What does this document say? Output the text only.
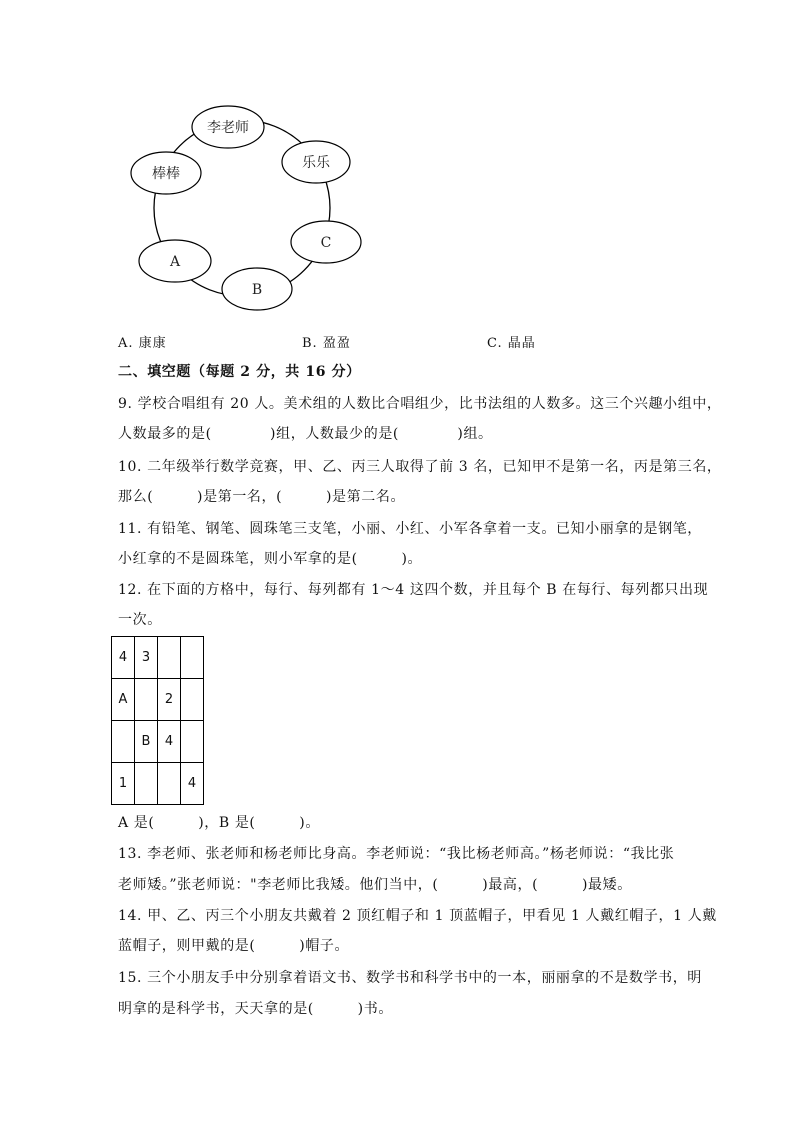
李老师
乐乐
C
B
A
棒棒
A. 康康	B. 盈盈	C. 晶晶
二、填空题（每题 2 分，共 16 分）
9. 学校合唱组有 20 人。美术组的人数比合唱组少，比书法组的人数多。这三个兴趣小组中，
人数最多的是(　　　　)组，人数最少的是(　　　　)组。
10. 二年级举行数学竞赛，甲、乙、丙三人取得了前 3 名，已知甲不是第一名，丙是第三名，
那么(　　　)是第一名，(　　　)是第二名。
11. 有铅笔、钢笔、圆珠笔三支笔，小丽、小红、小军各拿着一支。已知小丽拿的是钢笔，
小红拿的不是圆珠笔，则小军拿的是(　　　)。
12. 在下面的方格中，每行、每列都有 1～4 这四个数，并且每个 B 在每行、每列都只出现
一次。
4	3		
A		2	
	B	4	
1			4
A 是(　　　)，B 是(　　　)。
13. 李老师、张老师和杨老师比身高。李老师说：“我比杨老师高。”杨老师说：“我比张
老师矮。”张老师说："李老师比我矮。他们当中，(　　　)最高，(　　　)最矮。
14. 甲、乙、丙三个小朋友共戴着 2 顶红帽子和 1 顶蓝帽子，甲看见 1 人戴红帽子，1 人戴
蓝帽子，则甲戴的是(　　　)帽子。
15. 三个小朋友手中分别拿着语文书、数学书和科学书中的一本，丽丽拿的不是数学书，明
明拿的是科学书，天天拿的是(　　　)书。
